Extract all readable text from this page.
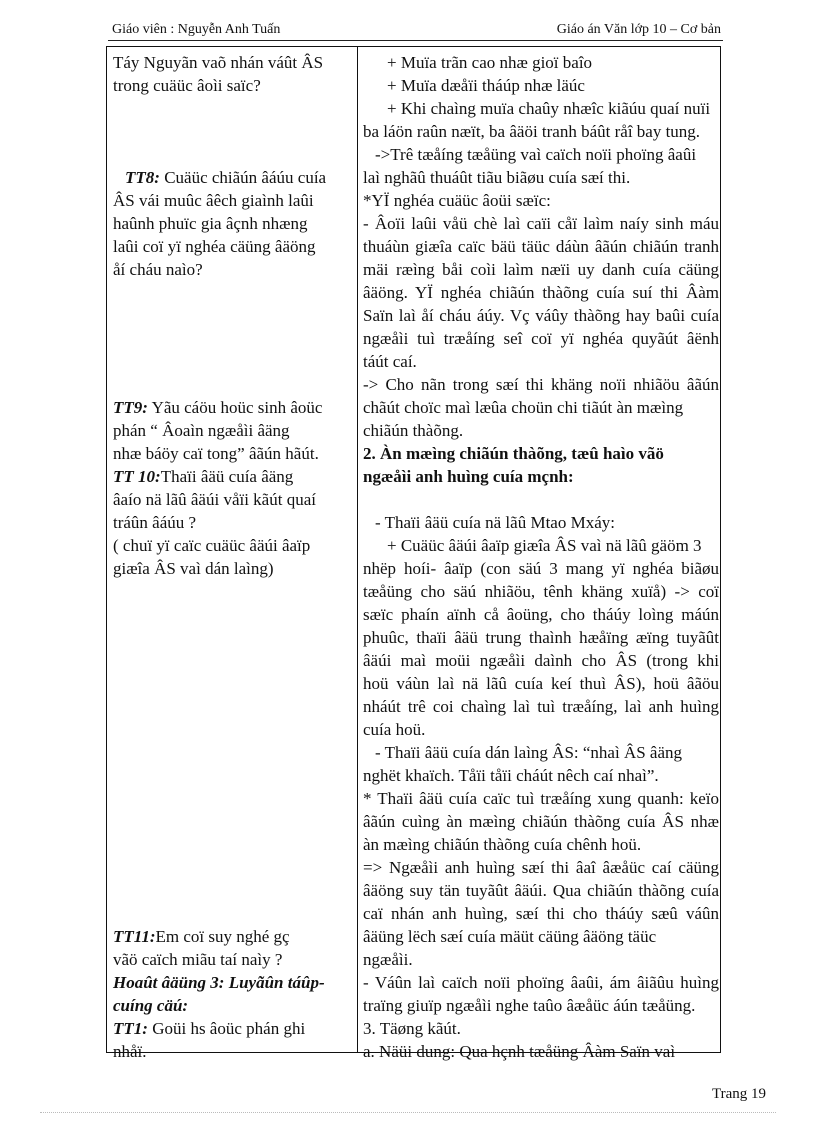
Giáo viên : Nguyễn Anh Tuấn	Giáo án Văn lớp 10 – Cơ bản
Táy Nguyãn vaõ nhán váût ÂS
trong cuäüc âoìi saïc?
TT8: Cuäüc chiãún âáúu cuía
ÂS vái muûc âêch giaình laûi
haûnh phuïc gia âçnh nhæng
laûi coï yï nghéa cäüng âäöng
åí cháu naìo?
TT9: Yãu cáöu hoüc sinh âoüc
phán “ Âoaìn ngæåìi âäng
nhæ báöy caï tong” âãún hãút.
TT 10:Thaïi âäü cuía âäng
âaío nä lãû âäúi våïi kãút quaí
tráûn âáúu ?
( chuï yï caïc cuäüc âäúi âaïp
giæîa ÂS vaì dán laìng)
TT11:Em coï suy nghé gç
vãö caïch miãu taí naìy ?
Hoaût âäüng 3: Luyãûn táûp-
cuíng cäú:
TT1: Goüi hs âoüc phán ghi
nhåï.
+ Muïa trãn cao nhæ gioï baîo
+ Muïa dæåïi tháúp nhæ läúc
+ Khi chaìng muïa chaûy nhæîc kiãúu quaí nuïi
ba láön raûn næït, ba âäöi tranh báût råî bay tung.
->Trê tæåíng tæåüng vaì caïch noïi phoïng âaûi
laì nghãû thuáût tiãu biãøu cuía sæí thi.
*YÏ nghéa cuäüc âoüi sæïc:
- Âoïi laûi våü chè laì caïi cåï laìm naíy sinh máu
thuáùn giæîa caïc bäü täüc dáùn âãún chiãún tranh
mäi ræìng båi coìi laìm næïi uy danh cuía cäüng
âäöng. YÏ nghéa chiãún thàõng cuía suí thi Âàm
Saïn laì åí cháu áúy. Vç váûy thàõng hay baûi cuía
ngæåìi tuì træåíng seî coï yï nghéa quyãút âënh
táút caí.
-> Cho nãn trong sæí thi khäng noïi nhiãöu âãún
chãút choïc maì læûa choün chi tiãút àn mæìng
chiãún thàõng.
2. Àn mæìng chiãún thàõng, tæû haìo vãö
ngæåìi anh huìng cuía mçnh:
- Thaïi âäü cuía nä lãû Mtao Mxáy:
+ Cuäüc âäúi âaïp giæîa ÂS vaì nä lãû gäöm 3
nhëp hoíi- âaïp (con säú 3 mang yï nghéa biãøu
tæåüng cho säú nhiãöu, tênh khäng xuïå) -> coï
sæïc phaín aïnh cå âoüng, cho tháúy loìng máún
phuûc, thaïi âäü trung thaình hæåïng æïng tuyãût
âäúi maì moüi ngæåìi daình cho ÂS (trong khi
hoü váùn laì nä lãû cuía keí thuì ÂS), hoü âãöu
nháút trê coi chaìng laì tuì træåíng, laì anh huìng
cuía hoü.
- Thaïi âäü cuía dán laìng ÂS: “nhaì ÂS âäng
nghët khaïch. Tåïi tåïi cháút nêch caí nhaì”.
* Thaïi âäü cuía caïc tuì træåíng xung quanh: keïo
âãún cuìng àn mæìng chiãún thàõng cuía ÂS nhæ
àn mæìng chiãún thàõng cuía chênh hoü.
=> Ngæåìi anh huìng sæí thi âaî âæåüc caí cäüng
âäöng suy tän tuyãût âäúi. Qua chiãún thàõng cuía
caï nhán anh huìng, sæí thi cho tháúy sæû váûn
âäüng lëch sæí cuía mäüt cäüng âäöng täüc
ngæåìi.
- Váûn laì caïch noïi phoïng âaûi, ám âiãûu huìng
traïng giuïp ngæåìi nghe taûo âæåüc áún tæåüng.
3. Täøng kãút.
a. Näüi dung: Qua hçnh tæåüng Âàm Saïn vaì
Trang 19
